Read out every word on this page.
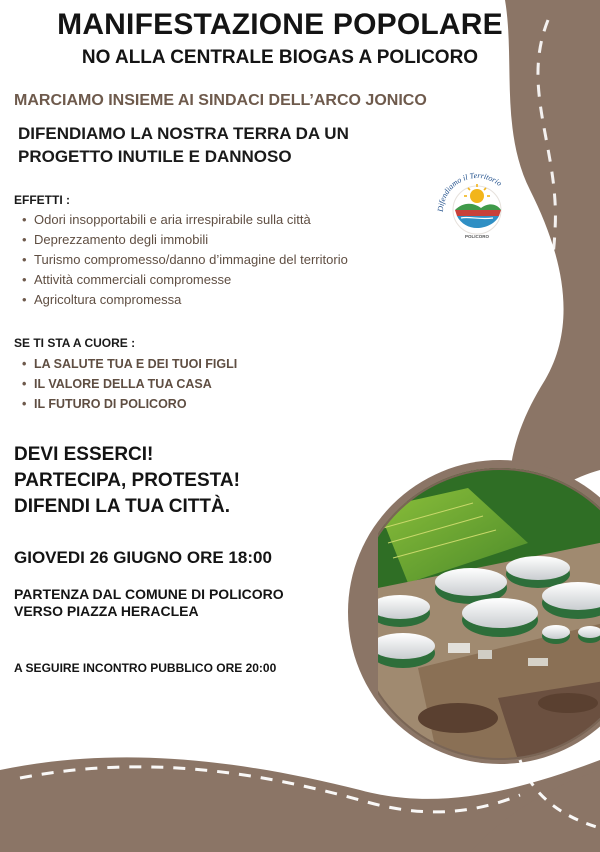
MANIFESTAZIONE POPOLARE
NO ALLA CENTRALE BIOGAS A POLICORO

MARCIAMO INSIEME AI SINDACI DELL’ARCO JONICO

DIFENDIAMO LA NOSTRA TERRA DA UN
PROGETTO INUTILE E DANNOSO

EFFETTI :

• Odori insopportabili e aria irrespirabile sulla città
• Deprezzamento degli immobili
• Turismo compromesso/danno d’immagine del territorio
• Attività commerciali compromesse
• Agricoltura compromessa

SE TI STA A CUORE :

• LA SALUTE TUA E DEI TUOI FIGLI
• IL VALORE DELLA TUA CASA
• IL FUTURO DI POLICORO

DEVI ESSERCI!
PARTECIPA, PROTESTA!
DIFENDI LA TUA CITTÀ.

GIOVEDI 26 GIUGNO ORE 18:00

PARTENZA DAL COMUNE DI POLICORO
VERSO PIAZZA HERACLEA

A SEGUIRE INCONTRO PUBBLICO ORE 20:00

Difendiamo il Territorio
POLICORO
